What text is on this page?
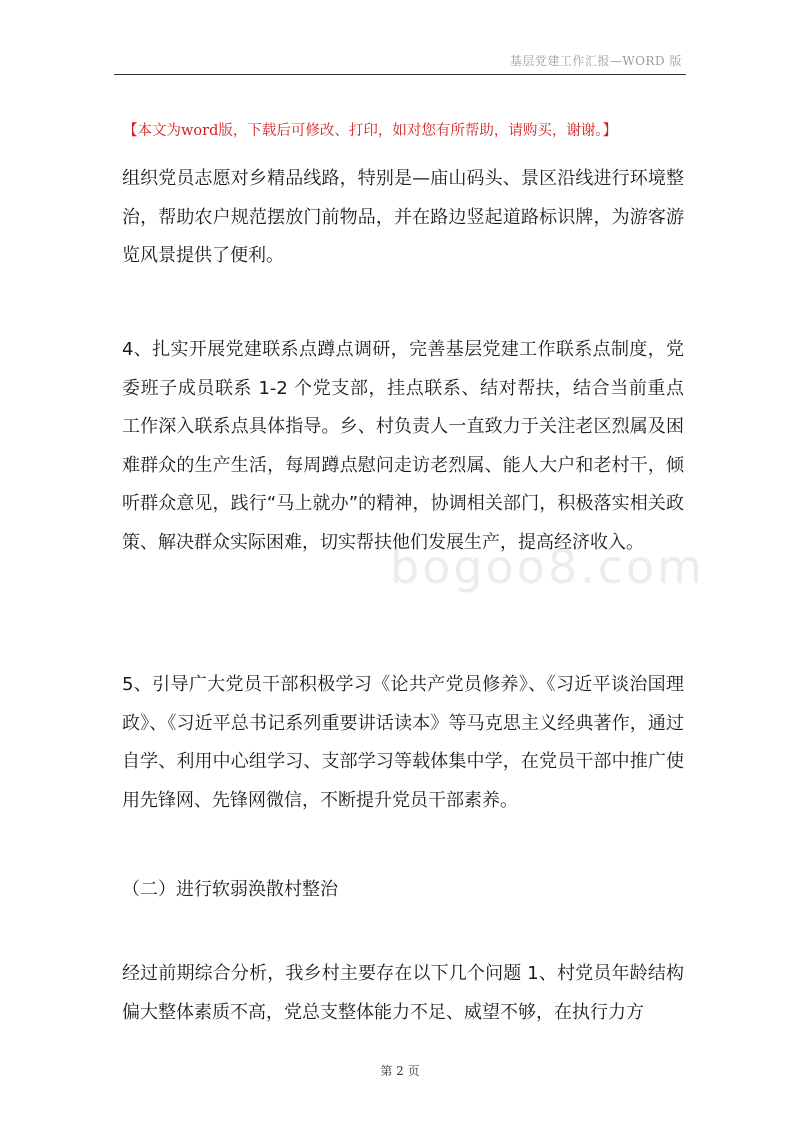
基层党建工作汇报—WORD 版
【本文为word版，下载后可修改、打印，如对您有所帮助，请购买，谢谢。】
组织党员志愿对乡精品线路，特别是—庙山码头、景区沿线进行环境整治，帮助农户规范摆放门前物品，并在路边竖起道路标识牌，为游客游览风景提供了便利。
4、扎实开展党建联系点蹲点调研，完善基层党建工作联系点制度，党委班子成员联系 1-2 个党支部，挂点联系、结对帮扶，结合当前重点工作深入联系点具体指导。乡、村负责人一直致力于关注老区烈属及困难群众的生产生活，每周蹲点慰问走访老烈属、能人大户和老村干，倾听群众意见，践行“马上就办”的精神，协调相关部门，积极落实相关政策、解决群众实际困难，切实帮扶他们发展生产，提高经济收入。
5、引导广大党员干部积极学习《论共产党员修养》、《习近平谈治国理政》、《习近平总书记系列重要讲话读本》等马克思主义经典著作，通过自学、利用中心组学习、支部学习等载体集中学，在党员干部中推广使用先锋网、先锋网微信，不断提升党员干部素养。
（二）进行软弱涣散村整治
经过前期综合分析，我乡村主要存在以下几个问题 1、村党员年龄结构偏大整体素质不高，党总支整体能力不足、威望不够，在执行力方
bogoo8.com
第 2 页
